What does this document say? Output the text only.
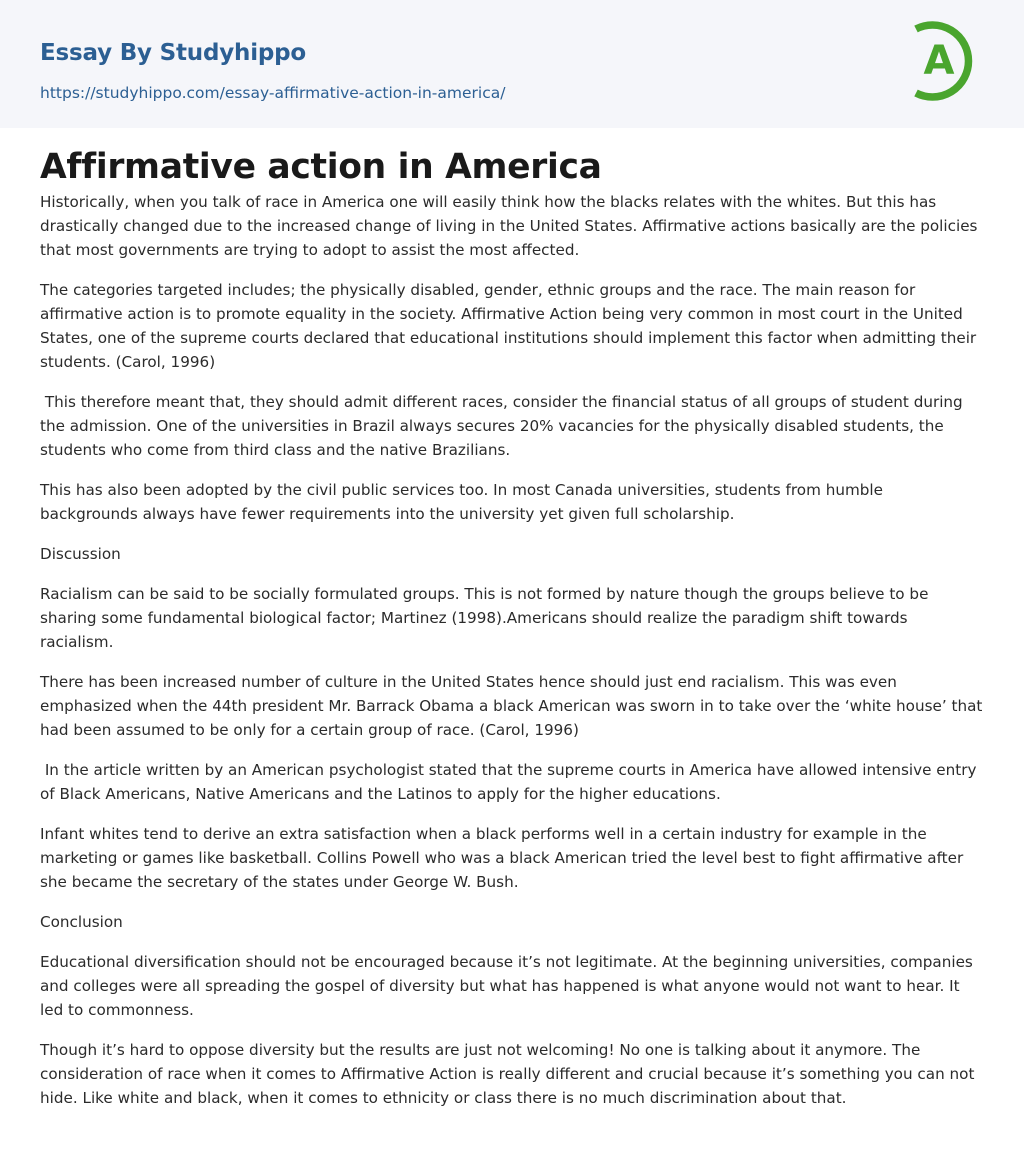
Essay By Studyhippo
https://studyhippo.com/essay-affirmative-action-in-america/
A
Affirmative action in America

Historically, when you talk of race in America one will easily think how the blacks relates with the whites. But this has drastically changed due to the increased change of living in the United States. Affirmative actions basically are the policies that most governments are trying to adopt to assist the most affected.

The categories targeted includes; the physically disabled, gender, ethnic groups and the race. The main reason for affirmative action is to promote equality in the society. Affirmative Action being very common in most court in the United States, one of the supreme courts declared that educational institutions should implement this factor when admitting their students. (Carol, 1996)

This therefore meant that, they should admit different races, consider the financial status of all groups of student during the admission. One of the universities in Brazil always secures 20% vacancies for the physically disabled students, the students who come from third class and the native Brazilians.

This has also been adopted by the civil public services too. In most Canada universities, students from humble backgrounds always have fewer requirements into the university yet given full scholarship.

Discussion

Racialism can be said to be socially formulated groups. This is not formed by nature though the groups believe to be sharing some fundamental biological factor; Martinez (1998).Americans should realize the paradigm shift towards racialism.

There has been increased number of culture in the United States hence should just end racialism. This was even emphasized when the 44th president Mr. Barrack Obama a black American was sworn in to take over the ‘white house’ that had been assumed to be only for a certain group of race. (Carol, 1996)

In the article written by an American psychologist stated that the supreme courts in America have allowed intensive entry of Black Americans, Native Americans and the Latinos to apply for the higher educations.

Infant whites tend to derive an extra satisfaction when a black performs well in a certain industry for example in the marketing or games like basketball. Collins Powell who was a black American tried the level best to fight affirmative after she became the secretary of the states under George W. Bush.

Conclusion

Educational diversification should not be encouraged because it’s not legitimate. At the beginning universities, companies and colleges were all spreading the gospel of diversity but what has happened is what anyone would not want to hear. It led to commonness.

Though it’s hard to oppose diversity but the results are just not welcoming! No one is talking about it anymore. The consideration of race when it comes to Affirmative Action is really different and crucial because it’s something you can not hide. Like white and black, when it comes to ethnicity or class there is no much discrimination about that.
